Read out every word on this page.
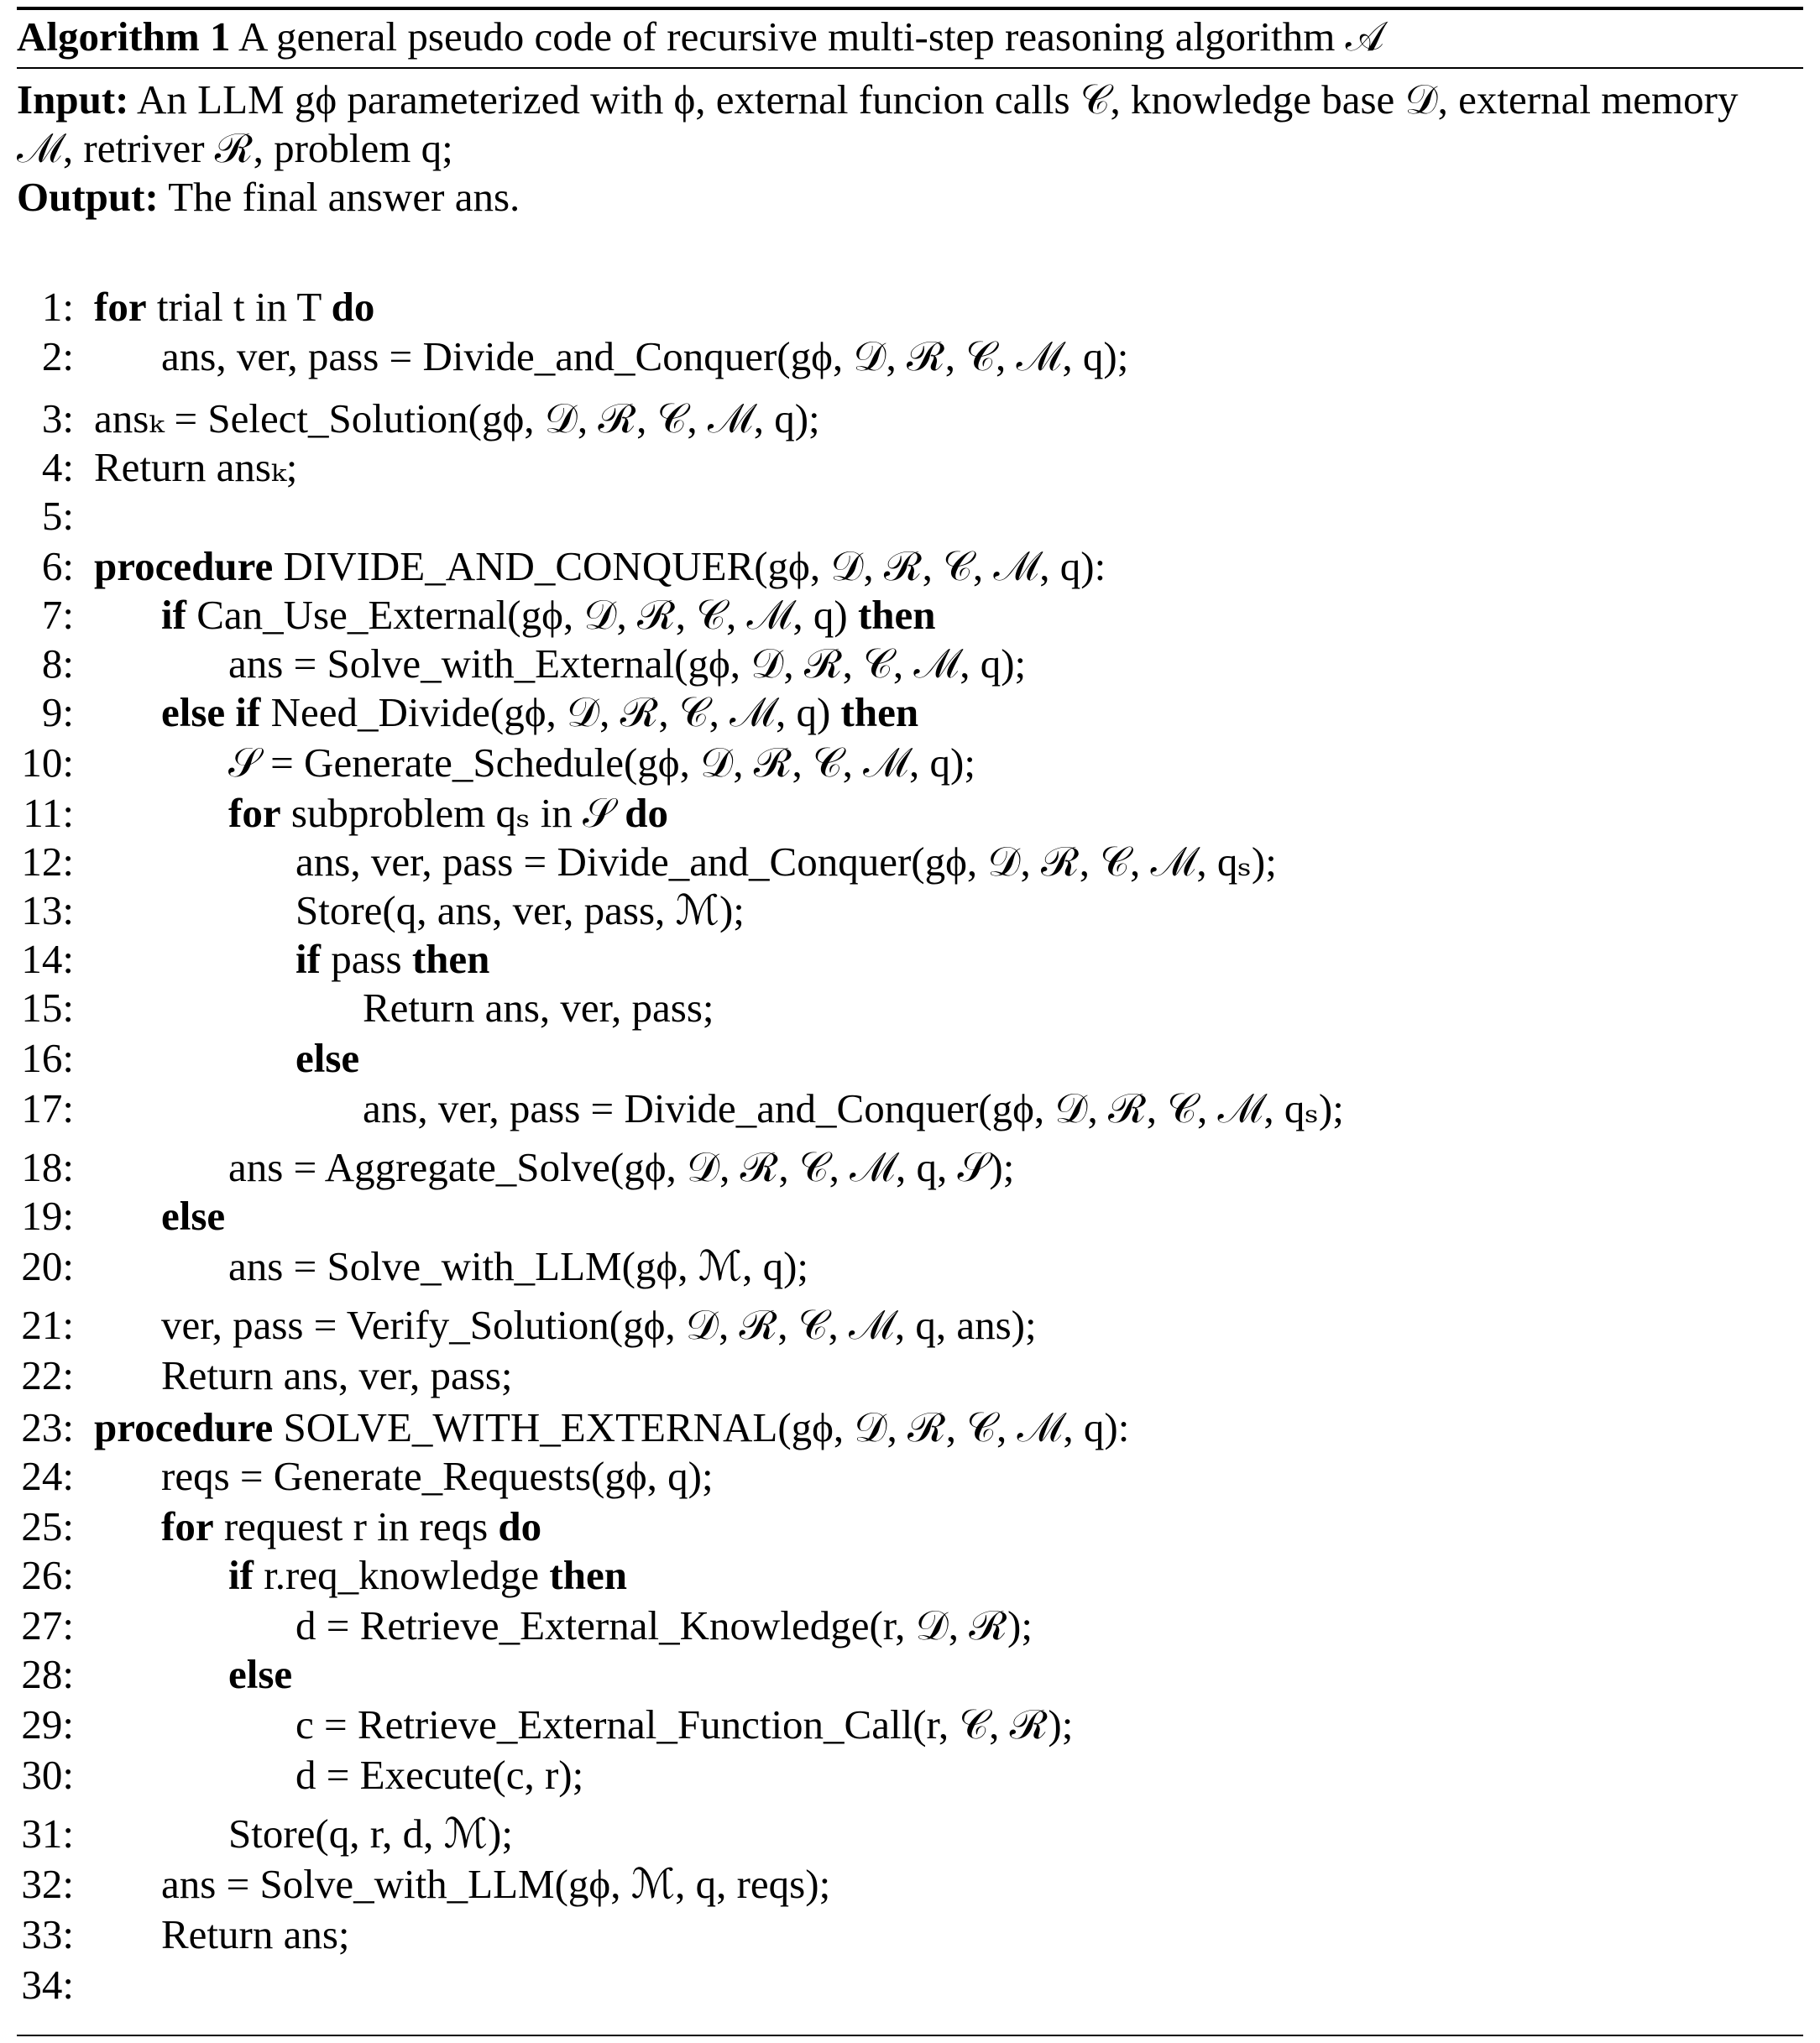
Algorithm 1 A general pseudo code of recursive multi-step reasoning algorithm 𝒜
Input: An LLM gϕ parameterized with ϕ, external funcion calls 𝒞, knowledge base 𝒟, external memory ℳ, retriver ℛ, problem q;
Output: The final answer ans.
1: for trial t in T do
2: ans, ver, pass = Divide_and_Conquer(gϕ, 𝒟, ℛ, 𝒞, ℳ, q);
3: ansₖ = Select_Solution(gϕ, 𝒟, ℛ, 𝒞, ℳ, q);
4: Return ansₖ;
5:
6: procedure DIVIDE_AND_CONQUER(gϕ, 𝒟, ℛ, 𝒞, ℳ, q):
7: if Can_Use_External(gϕ, 𝒟, ℛ, 𝒞, ℳ, q) then
8:	ans = Solve_with_External(gϕ, 𝒟, ℛ, 𝒞, ℳ, q);
9: else if Need_Divide(gϕ, 𝒟, ℛ, 𝒞, ℳ, q) then
10:	𝒮 = Generate_Schedule(gϕ, 𝒟, ℛ, 𝒞, ℳ, q);
11:	for subproblem qₛ in 𝒮 do
12:	ans, ver, pass = Divide_and_Conquer(gϕ, 𝒟, ℛ, 𝒞, ℳ, qₛ);
13:	Store(q, ans, ver, pass, ℳ);
14:	if pass then
15:	Return ans, ver, pass;
16:	else
17:	ans, ver, pass = Divide_and_Conquer(gϕ, 𝒟, ℛ, 𝒞, ℳ, qₛ);
18:	ans = Aggregate_Solve(gϕ, 𝒟, ℛ, 𝒞, ℳ, q, 𝒮);
19: else
20:	ans = Solve_with_LLM(gϕ, ℳ, q);
21: ver, pass = Verify_Solution(gϕ, 𝒟, ℛ, 𝒞, ℳ, q, ans);
22: Return ans, ver, pass;
23: procedure SOLVE_WITH_EXTERNAL(gϕ, 𝒟, ℛ, 𝒞, ℳ, q):
24: reqs = Generate_Requests(gϕ, q);
25: for request r in reqs do
26:	if r.req_knowledge then
27:	d = Retrieve_External_Knowledge(r, 𝒟, ℛ);
28:	else
29:	c = Retrieve_External_Function_Call(r, 𝒞, ℛ);
30:	d = Execute(c, r);
31:	Store(q, r, d, ℳ);
32: ans = Solve_with_LLM(gϕ, ℳ, q, reqs);
33: Return ans;
34:
